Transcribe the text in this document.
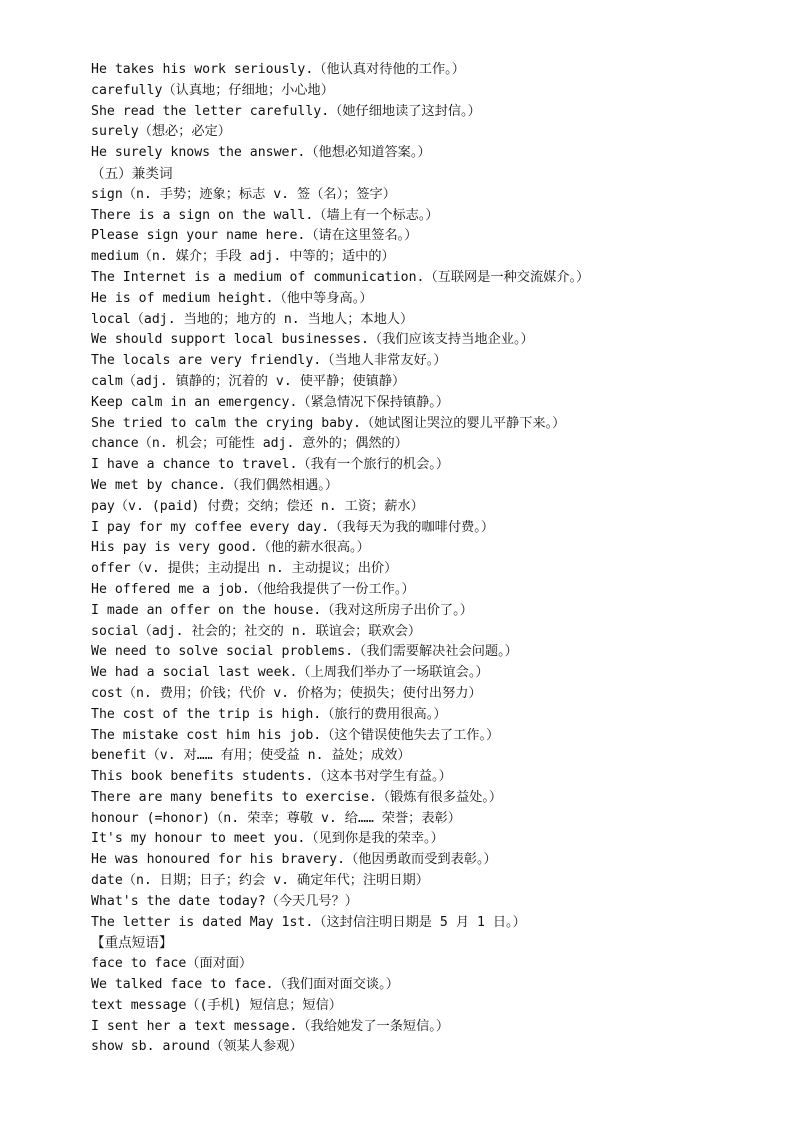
He takes his work seriously.（他认真对待他的工作。）
carefully（认真地；仔细地；小心地）
She read the letter carefully.（她仔细地读了这封信。）
surely（想必；必定）
He surely knows the answer.（他想必知道答案。）
（五）兼类词
sign（n. 手势；迹象；标志 v. 签（名）；签字）
There is a sign on the wall.（墙上有一个标志。）
Please sign your name here.（请在这里签名。）
medium（n. 媒介；手段 adj. 中等的；适中的）
The Internet is a medium of communication.（互联网是一种交流媒介。）
He is of medium height.（他中等身高。）
local（adj. 当地的；地方的 n. 当地人；本地人）
We should support local businesses.（我们应该支持当地企业。）
The locals are very friendly.（当地人非常友好。）
calm（adj. 镇静的；沉着的 v. 使平静；使镇静）
Keep calm in an emergency.（紧急情况下保持镇静。）
She tried to calm the crying baby.（她试图让哭泣的婴儿平静下来。）
chance（n. 机会；可能性 adj. 意外的；偶然的）
I have a chance to travel.（我有一个旅行的机会。）
We met by chance.（我们偶然相遇。）
pay（v. (paid) 付费；交纳；偿还 n. 工资；薪水）
I pay for my coffee every day.（我每天为我的咖啡付费。）
His pay is very good.（他的薪水很高。）
offer（v. 提供；主动提出 n. 主动提议；出价）
He offered me a job.（他给我提供了一份工作。）
I made an offer on the house.（我对这所房子出价了。）
social（adj. 社会的；社交的 n. 联谊会；联欢会）
We need to solve social problems.（我们需要解决社会问题。）
We had a social last week.（上周我们举办了一场联谊会。）
cost（n. 费用；价钱；代价 v. 价格为；使损失；使付出努力）
The cost of the trip is high.（旅行的费用很高。）
The mistake cost him his job.（这个错误使他失去了工作。）
benefit（v. 对…… 有用；使受益 n. 益处；成效）
This book benefits students.（这本书对学生有益。）
There are many benefits to exercise.（锻炼有很多益处。）
honour (=honor)（n. 荣幸；尊敬 v. 给…… 荣誉；表彰）
It's my honour to meet you.（见到你是我的荣幸。）
He was honoured for his bravery.（他因勇敢而受到表彰。）
date（n. 日期；日子；约会 v. 确定年代；注明日期）
What's the date today?（今天几号？）
The letter is dated May 1st.（这封信注明日期是 5 月 1 日。）
【重点短语】
face to face（面对面）
We talked face to face.（我们面对面交谈。）
text message（(手机) 短信息；短信）
I sent her a text message.（我给她发了一条短信。）
show sb. around（领某人参观）
